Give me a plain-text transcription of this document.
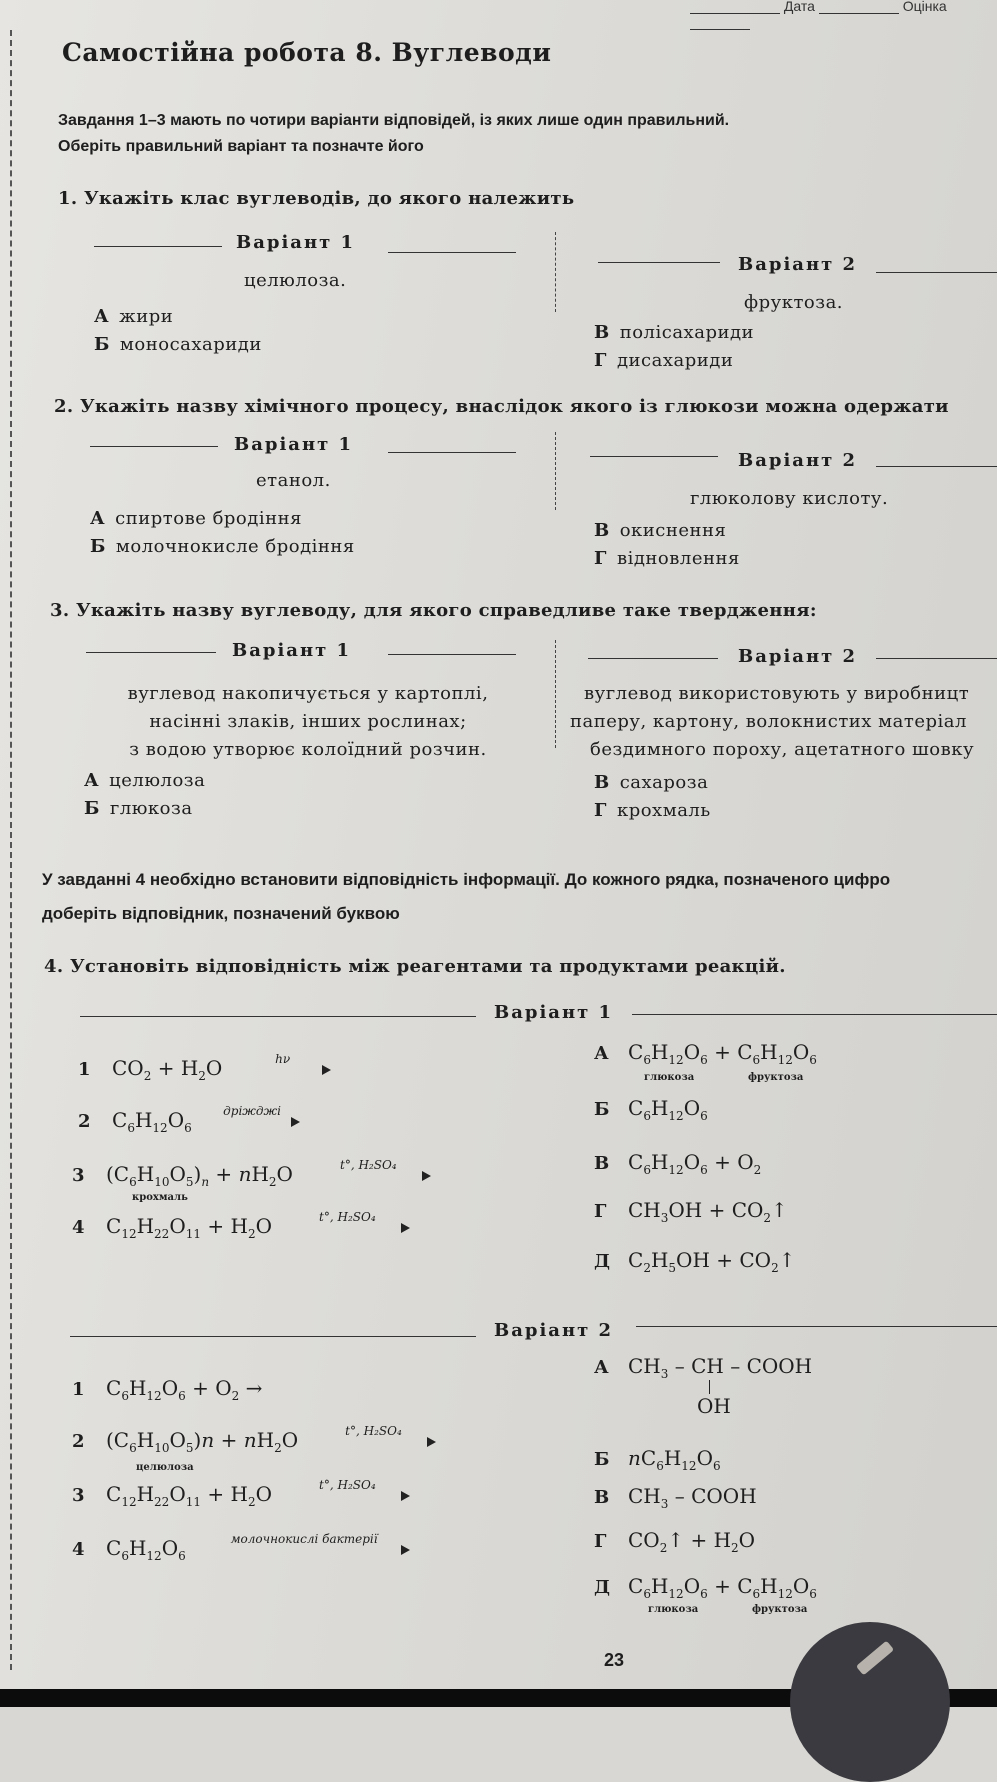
Дата	Оцінка
Самостійна робота 8. Вуглеводи
Завдання 1–3 мають по чотири варіанти відповідей, із яких лише один правильний.
Оберіть правильний варіант та позначте його
1. Укажіть клас вуглеводів, до якого належить
Варіант 1
Варіант 2
целюлоза.
фруктоза.
А жири
Б моносахариди
В полісахариди
Г дисахариди
2. Укажіть назву хімічного процесу, внаслідок якого із глюкози можна одержати
Варіант 1
Варіант 2
етанол.
глюколову кислоту.
А спиртове бродіння
Б молочнокисле бродіння
В окиснення
Г відновлення
3. Укажіть назву вуглеводу, для якого справедливе таке твердження:
Варіант 1	Варіант 2
вуглевод накопичується у картоплі,
насінні злаків, інших рослинах;
з водою утворює колоїдний розчин.
вуглевод використовують у виробницт
паперу, картону, волокнистих матеріал
бездимного пороху, ацетатного шовку
А целюлоза
Б глюкоза
В сахароза
Г крохмаль
У завданні 4 необхідно встановити відповідність інформації. До кожного рядка, позначеного цифро
доберіть відповідник, позначений буквою
4. Установіть відповідність між реагентами та продуктами реакцій.
Варіант 1
1 $CO_2 + H_2O$	hν
2 $C_6H_{12}O_6$
дріжджі
3 $(C_6H_{10}O_5)_n + nH_2O$	t°, H₂SO₄
крохмаль
4 $C_{12}H_{22}O_{11} + H_2O$	t°, H₂SO₄
А $C_6H_{12}O_6 + C_6H_{12}O_6$
глюкоза	фруктоза
Б $C_6H_{12}O_6$
В $C_6H_{12}O_6 + O_2$
Г $CH_3OH$ + $CO_2↑$
Д $C_2H_5OH$ + $CO_2↑$
Варіант 2
1 $C_6H_{12}O_6 + O_2$ →
2 $(C_6H_{10}O_5)n + nH_2O$	t°, H₂SO₄
целюлоза
3 $C_{12}H_{22}O_{11} + H_2O$	t°, H₂SO₄
4 $C_6H_{12}O_6$
молочнокислі бактерії
А $CH_3$ – CH – COOH
OH
Б $nC_6H_{12}O_6$
В $CH_3$ – COOH
Г $CO_2↑ + H_2O$
Д $C_6H_{12}O_6 + C_6H_{12}O_6$
глюкоза	фруктоза
23
